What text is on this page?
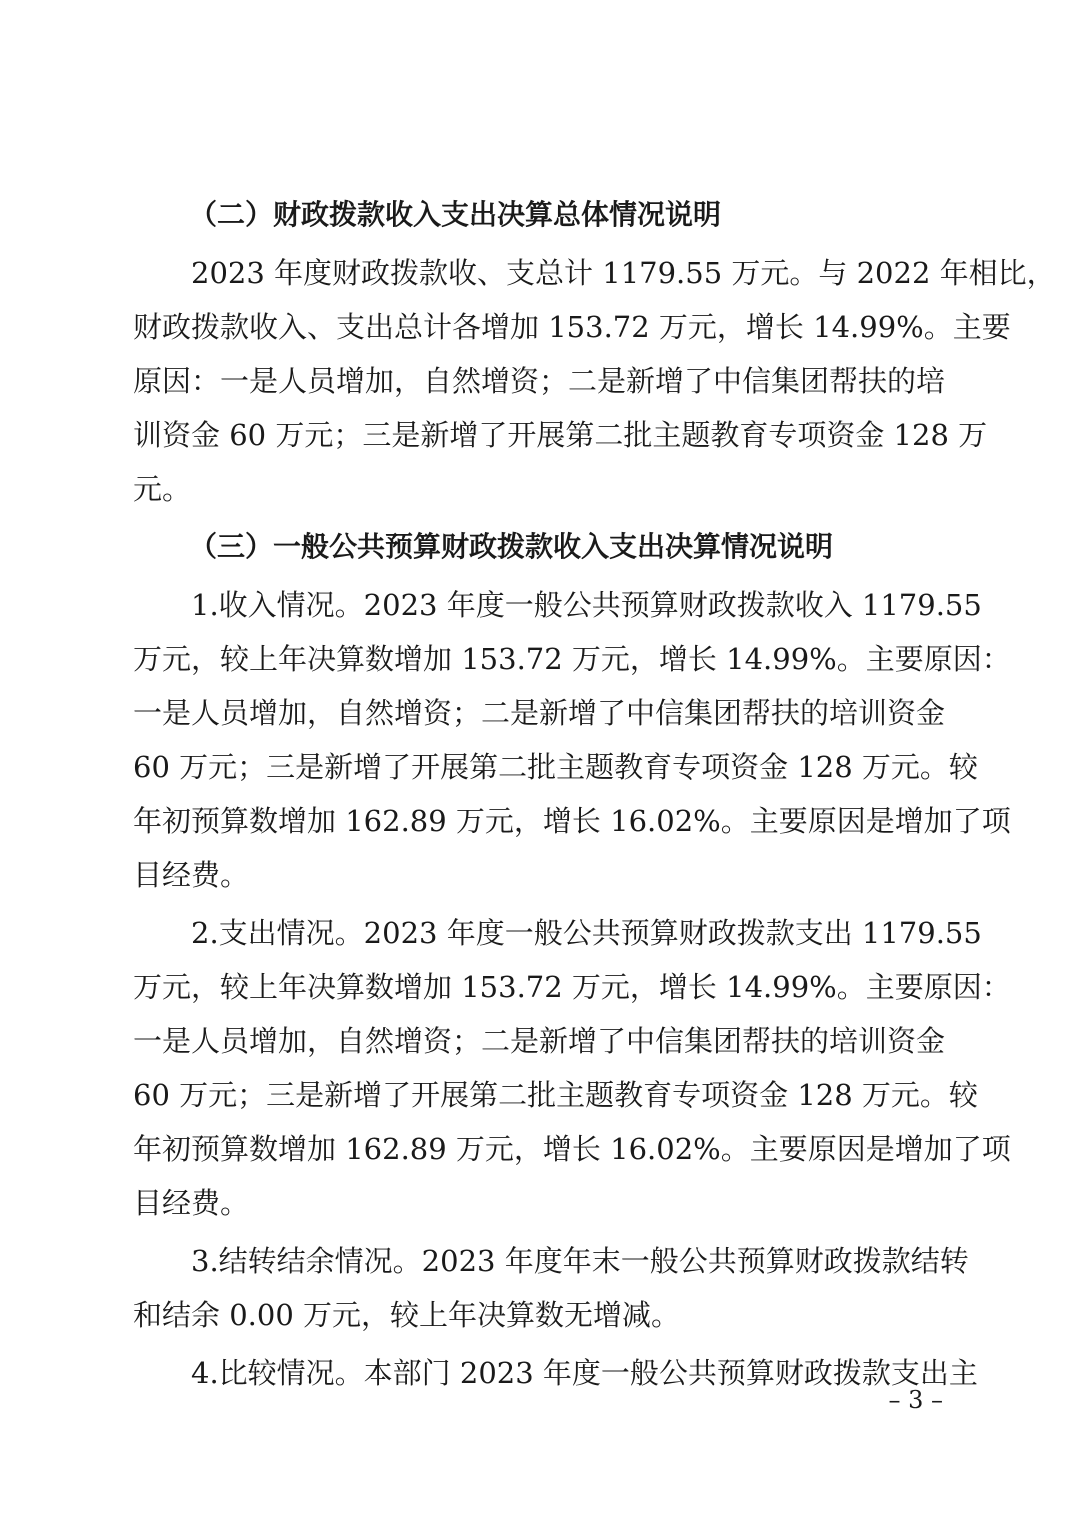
（二）财政拨款收入支出决算总体情况说明
2023 年度财政拨款收、支总计 1179.55 万元。与 2022 年相比，
财政拨款收入、支出总计各增加 153.72 万元，增长 14.99%。主要
原因：一是人员增加，自然增资；二是新增了中信集团帮扶的培
训资金 60 万元；三是新增了开展第二批主题教育专项资金 128 万
元。
（三）一般公共预算财政拨款收入支出决算情况说明
1.收入情况。2023 年度一般公共预算财政拨款收入 1179.55
万元，较上年决算数增加 153.72 万元，增长 14.99%。主要原因：
一是人员增加，自然增资；二是新增了中信集团帮扶的培训资金
60 万元；三是新增了开展第二批主题教育专项资金 128 万元。较
年初预算数增加 162.89 万元，增长 16.02%。主要原因是增加了项
目经费。
2.支出情况。2023 年度一般公共预算财政拨款支出 1179.55
万元，较上年决算数增加 153.72 万元，增长 14.99%。主要原因：
一是人员增加，自然增资；二是新增了中信集团帮扶的培训资金
60 万元；三是新增了开展第二批主题教育专项资金 128 万元。较
年初预算数增加 162.89 万元，增长 16.02%。主要原因是增加了项
目经费。
3.结转结余情况。2023 年度年末一般公共预算财政拨款结转
和结余 0.00 万元，较上年决算数无增减。
4.比较情况。本部门 2023 年度一般公共预算财政拨款支出主
– 3 –
